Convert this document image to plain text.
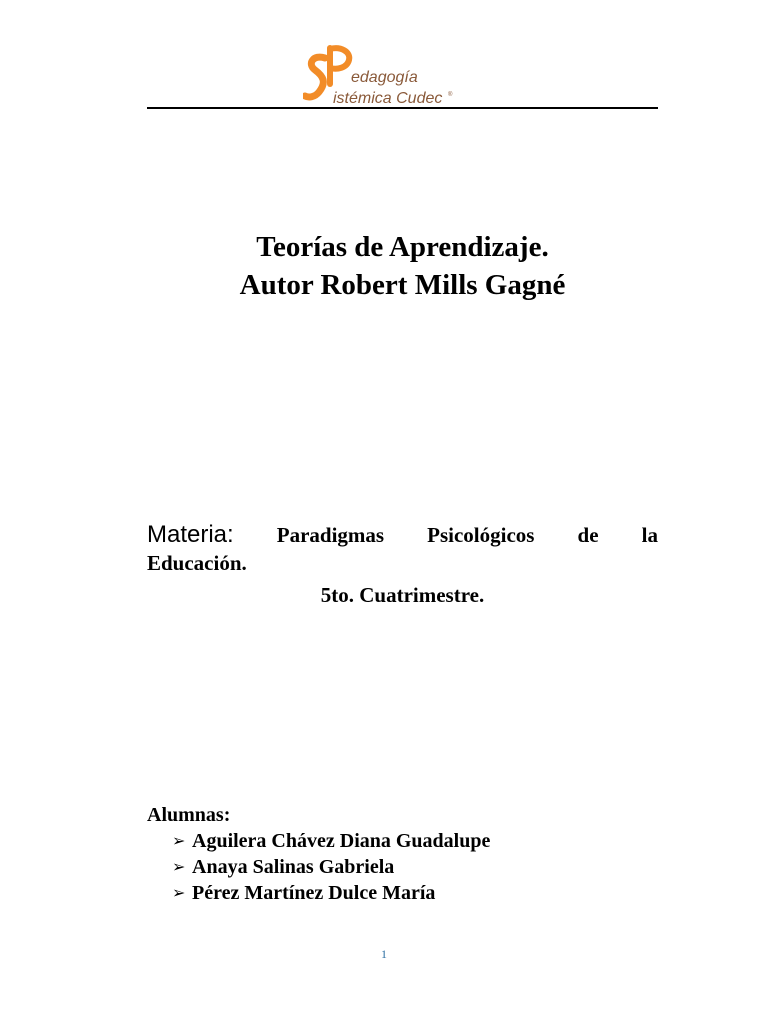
edagogía
istémica Cudec ®
Teorías de Aprendizaje.
Autor Robert Mills Gagné
Materia: Paradigmas Psicológicos de la
Educación.
5to. Cuatrimestre.
Alumnas:
➢ Aguilera Chávez Diana Guadalupe
➢ Anaya Salinas Gabriela
➢ Pérez Martínez Dulce María
1
